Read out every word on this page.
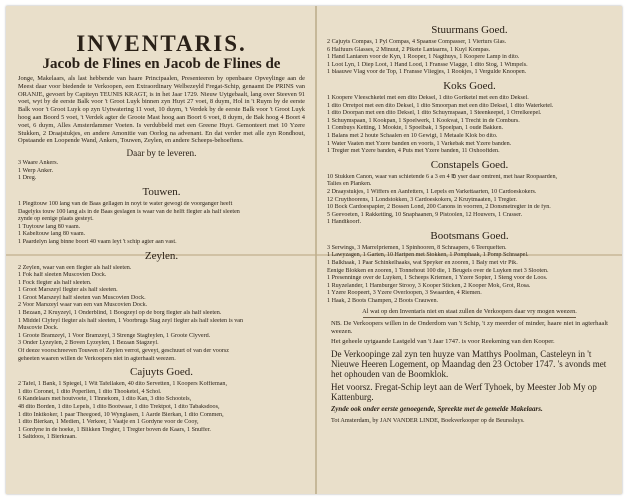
INVENTARIS.
Jacob de Flines en Jacob de Flines de
Jonge, Makelaars, als last hebbende van haare Principaalen, Presenteeren by openbaare Opveylinge aan de Meest daar voor biedende te Verkoopen, een Extraordinary Welbezeyld Fregat-Schip, genaamt De PRINS van ORANJE, gevoert by Capiteyn TEUNIS KRAGT, is in het Jaar 1729. Nieuw Uytgebaalt, lang over Steeven 91 voet, wyt by de eerste Balk voor 't Groot Luyk binnen zyn Huyt 27 voet, 8 duym, Hol in 't Ruym by de eerste Balk voor 't Groot Luyk op zyn Uytwatering 11 voet, 10 duym, 't Verdek by de eerste Balk voor 't Groot Luyk hoog aan Boord 5 voet, 't Verdek agter de Groote Mast hoog aan Boort 6 voet, 8 duym, de Bak hoog 4 Boort 4 voet, 6 duym, Alles Amsterdammer Voeten. Is verdubbeld met een Greene Huyt. Gemonteert met 10 Yzere Stukken, 2 Draajstukjes, en andere Amonitie van Oorlog na advenant. En dat verder met alle zyn Rondhout, Opstaande en Loopende Wand, Ankers, Touwen, Zeylen, en andere Scheeps-behoeftens.
Daar by te leveren.
3 Waare Ankers.
1 Werp Anker.
1 Dreg.
Touwen.
1 Plegttouw 100 lang van de Baas gellagen in noyt te water gewogt de voorganger heeft
Dagelyks touw 100 lang als in de Baas geslagen is waar van de helft flegter als half sleeten
zynde op eenige plaats gesteyt.
1 Tuytouw lang 80 vaam.
1 Kabeltouw lang 80 vaam.
1 Paardelyn lang binne boort 40 vaam leyt 't schip agter aan vast.
Zeylen.
2 Zeylen, waar van een flegter als half sleeten.
1 Fok half sleeten Muscovien Dock.
1 Fock flegter als half sleeten.
1 Groot Marszeyl flegter als half sleeten.
1 Groot Marszeyl half sleeten van Muscovien Dock.
2 Voor Marszeyl waar van een van Muscovien Dock.
1 Bezaan, 2 Kruyzeyl, 1 Onderblind, 1 Boogzeyl op de borg flegter als half sleeten.
1 Middel Clyfeyl flegter als half sleeten, 1 Voorbrugs Stag zeyl flegter als half sleeten is van
Muscovie Dock.
1 Groote Bramzeyl, 1 Voor Bramzeyl, 3 Strenge Stagfeylen, 1 Groote Clyverd.
3 Onder Lyzeylen, 2 Boven Lyzeylen, 1 Bezaan Stagzeyl.
Of deeze voorschreeven Touwen of Zeylen verrot, geveyt, geschuurt of van der voorsz
geheeten waaren willen de Verkoopers niet in agterhaalt weezen.
Cajuyts Goed.
2 Tafel, 1 Bank, 1 Spiegel, 1 Wit Tafellaken, 40 dito Servetten, 1 Koopers Koffieman,
1 dito Coronet, 1 dito Poperlien, 1 dito Thooketel, 4 Schol.
6 Kandelaars met houtvoete, 1 Tinnekom, 1 dito Kan, 3 dito Schootels,
48 dito Borden, 1 dito Lepels, 1 dito Bootwaar, 1 dito Trektpot, 1 dito Tabaksdoos,
1 dito Inktkoker, 1 paar Theegoed, 10 Wynglasen, 1 Aarde Bierkan, 1 dito Commen,
1 dito Bierkan, 1 Medien, 1 Verkeer, 1 Vaatje en 1 Gordyne voor de Cooy,
1 Gordyne in de hoeke, 1 Blikken Tregter, 1 Tregter boven de Kaars, 1 Snuffer.
1 Saltdoos, 1 Bierkraan.
Stuurmans Goed.
2 Cajuyts Compas, 1 Pyl Compas, 4 Spaanse Compasser, 1 Vierturs Glas.
6 Halfuurs Glasses, 2 Minuut, 2 Pikete Lantaarns, 1 Kuyl Kompas.
1 Hand Lantaren voor de Kyn, 1 Rooper, 1 Nagthuys, 1 Koopere Lamp in dito.
1 Loot Lyn, 1 Diep Loot, 1 Hand Lood, 1 Fransse Vlagge, 1 dito Stog, 1 Wimpels.
1 blaauwe Vlag voor de Top, 1 Fransse Vliegjes, 1 Rookjes, 1 Vergulde Knoopen.
Koks Goed.
1 Koopere Vleeschketel met een dito Deksel, 1 dito Gortketel met een dito Deksel.
1 dito Orretpot met een dito Deksel, 1 dito Smoorpan met een dito Deksel, 1 dito Waterketel.
1 dito Doorpan met een dito Deksel, 1 dito Schuymspaan, 1 Steenkeepel, 1 Orrelkeepel.
1 Schuymspaan, 1 Kookpan, 1 Spoelwerk, 1 Kookvat, 1 Trecht in de Comburs.
1 Combuys Ketting, 1 Mookte, 1 Spoelbak, 1 Spoelpan, 1 oude Bakken.
1 Balans met 2 houte Schaalen en 10 Gewigt, 1 Metaale Klok bo dito.
1 Water Vaaten met Yzere banden en voorts, 1 Varkebak met Yzere banden.
1 Tregter met Yzere banden, 4 Puts met Yzere banden, 11 Oxhooftden.
Constapels Goed.
10 Stukken Canon, waar van schietende 6 a 3 en 4 ℔ yser daar omtrent, met haar Roopaarden,
Talies en Planken.
2 Draaystukjes, 1 Wiffers en Aanfetters, 1 Lepels en Varkettaarten, 10 Cardoeskokers.
12 Cruythoorens, 1 Londstokken, 3 Cardoeskokers, 2 Kruytmaaten, 1 Tregter.
10 Bock Cardoespapier, 2 Bossen Lond, 200 Canons in voorren, 2 Donsmetregter in de fyn.
5 Geevoeten, 1 Rakketting, 10 Snaphaanen, 9 Pistoolen, 12 Houwers, 1 Crasser.
1 Handtkoorf.
Bootsmans Goed.
3 Serwings, 3 Marrelpriemen, 1 Spinhooren, 8 Schraapers, 6 Teerqueften.
1 Lawyzagen, 1 Garten, 10 Hartpen met Stokken, 1 Pomphaak, 1 Pomp Schraapel.
1 Balkhaak, 1 Paar Schinkelhaaks, wat Speyker en zooren, 1 Baly met vir Pik.
Eenige Blokken en zooren, 1 Tonnehout 100 die, 1 Beugels over de Luyken met 3 Slooten.
1 Presenninge over de Luyken, 1 Scheeps Kriemen, 1 Yzere Sopter, 1 Steng voor de Loos.
1 Ruyzelander, 1 Hamburger Strooy, 3 Kooper Sticken, 2 Kooper Mok, Grot, Rosa.
1 Yzere Roopeert, 3 Yzere Overloopen, 3 Swaarden, 4 Riemen.
1 Haak, 2 Boots Champen, 2 Boots Crauwen.
Al wat op den Inventaris niet en staat zullen de Verkoopers daar vry mogen weezen.
NB. De Verkoopers willen in de Onderdom van 't Schip, 't zy meerder of minder, haare niet in agterhaalt weezen.
Het geheele uytgaande Lastgeld van 't Jaar 1747. is voor Reekening van den Kooper.
De Verkoopinge zal zyn ten huyze van Matthys Poolman, Casteleyn in 't Nieuwe Heeren Logement, op Maandag den 23 October 1747. 's avonds met het ophouden van de Boomklok.
Het voorsz. Fregat-Schip leyt aan de Werf Tyhoek, by Meester Job My op Kattenburg.
Zynde ook onder eerste genoegende, Spreekte met de gemelde Makelaars.
Tot Amsterdam, by JAN VANDER LINDE, Boekverkooper op de Beurssluys.
